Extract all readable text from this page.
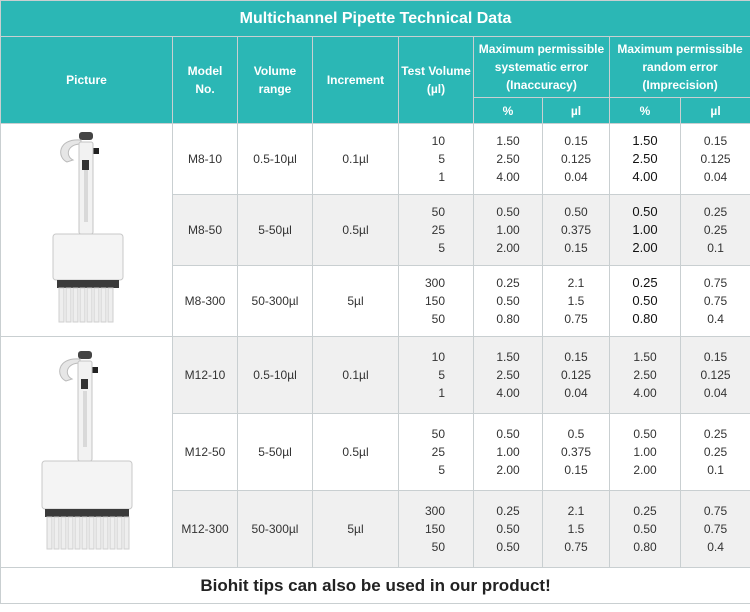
Multichannel Pipette Technical Data								
Picture	Model No.	Volume range	Increment	Test Volume (µl)	Maximum permissible systematic error (Inaccuracy)		Maximum permissible random error (Imprecision)	
					%	µl	%	µl

	M8-10	0.5-10µl	0.1µl	10
5
1	1.50
2.50
4.00	0.15
0.125
0.04	1.50
2.50
4.00	0.15
0.125
0.04

	M8-50	5-50µl	0.5µl	50
25
5	0.50
1.00
2.00	0.50
0.375
0.15	0.50
1.00
2.00	0.25
0.25
0.1

	M8-300	50-300µl	5µl	300
150
50	0.25
0.50
0.80	2.1
1.5
0.75	0.25
0.50
0.80	0.75
0.75
0.4

	M12-10	0.5-10µl	0.1µl	10
5
1	1.50
2.50
4.00	0.15
0.125
0.04	1.50
2.50
4.00	0.15
0.125
0.04

	M12-50	5-50µl	0.5µl	50
25
5	0.50
1.00
2.00	0.5
0.375
0.15	0.50
1.00
2.00	0.25
0.25
0.1

	M12-300	50-300µl	5µl	300
150
50	0.25
0.50
0.50	2.1
1.5
0.75	0.25
0.50
0.80	0.75
0.75
0.4

Biohit tips can also be used in our product!								
